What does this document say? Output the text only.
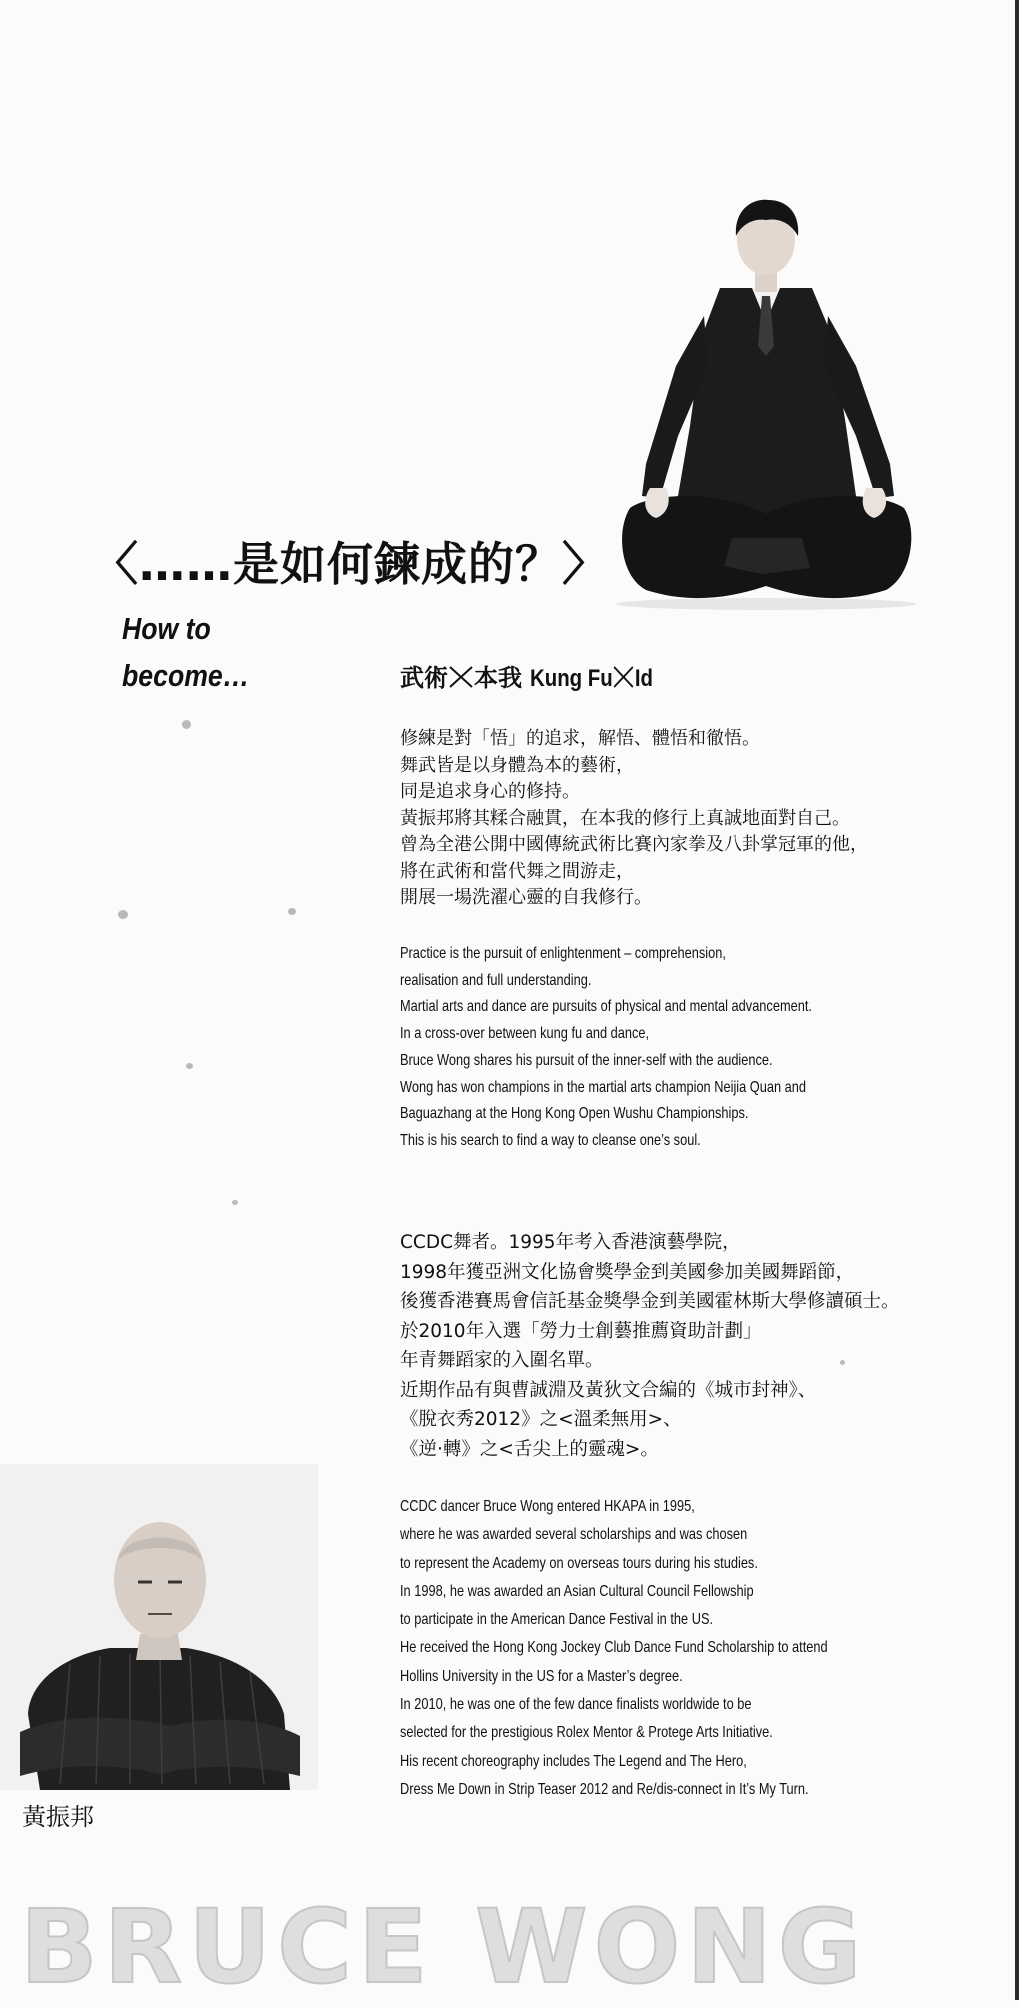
〈……是如何鍊成的？〉
How to
become…	武術 本我 Kung Fu Id
修練是對「悟」的追求，解悟、體悟和徹悟。
舞武皆是以身體為本的藝術，
同是追求身心的修持。
黃振邦將其糅合融貫，在本我的修行上真誠地面對自己。
曾為全港公開中國傳統武術比賽內家拳及八卦掌冠軍的他，
將在武術和當代舞之間游走，
開展一場洗濯心靈的自我修行。
Practice is the pursuit of enlightenment – comprehension,
realisation and full understanding.
Martial arts and dance are pursuits of physical and mental advancement.
In a cross-over between kung fu and dance,
Bruce Wong shares his pursuit of the inner-self with the audience.
Wong has won champions in the martial arts champion Neijia Quan and
Baguazhang at the Hong Kong Open Wushu Championships.
This is his search to find a way to cleanse one’s soul.
CCDC舞者。1995年考入香港演藝學院，
1998年獲亞洲文化協會獎學金到美國參加美國舞蹈節，
後獲香港賽馬會信託基金獎學金到美國霍林斯大學修讀碩士。
於2010年入選「勞力士創藝推薦資助計劃」
年青舞蹈家的入圍名單。
近期作品有與曹誠淵及黃狄文合編的《城市封神》、
《脫衣秀2012》之<溫柔無用>、
《逆‧轉》之<舌尖上的靈魂>。
CCDC dancer Bruce Wong entered HKAPA in 1995,
where he was awarded several scholarships and was chosen
to represent the Academy on overseas tours during his studies.
In 1998, he was awarded an Asian Cultural Council Fellowship
to participate in the American Dance Festival in the US.
He received the Hong Kong Jockey Club Dance Fund Scholarship to attend
Hollins University in the US for a Master’s degree.
In 2010, he was one of the few dance finalists worldwide to be
selected for the prestigious Rolex Mentor & Protege Arts Initiative.
His recent choreography includes The Legend and The Hero,
Dress Me Down in Strip Teaser 2012 and Re/dis-connect in It’s My Turn.
黃振邦
BRUCE WONG
